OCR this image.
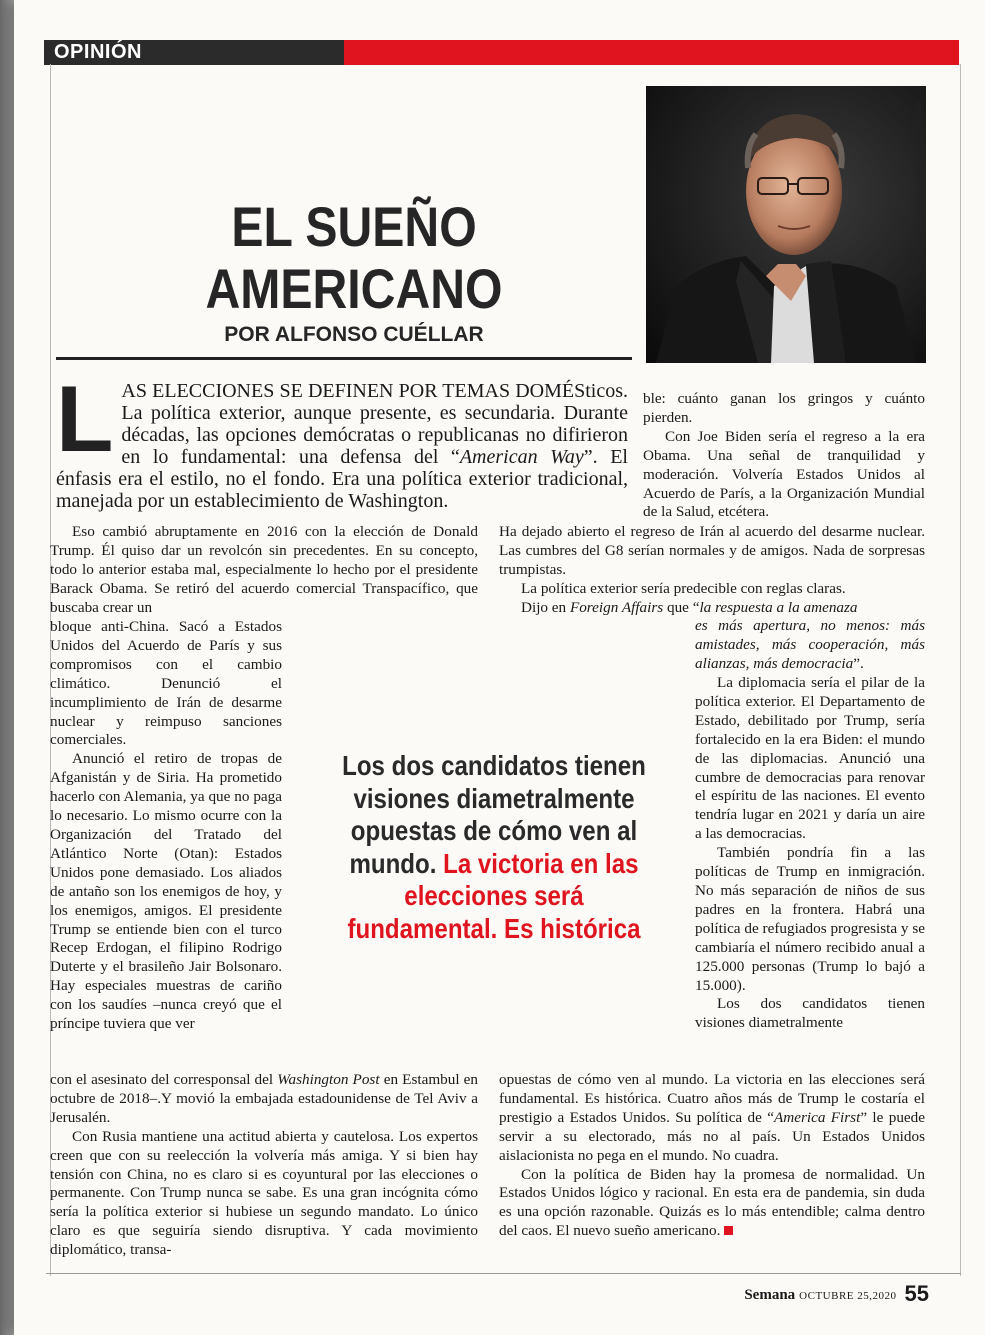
OPINIÓN
FOTO: GUILLERMO TORRES-SEMANA
EL SUEÑO
AMERICANO
POR ALFONSO CUÉLLAR
LAS ELECCIONES SE DEFINEN POR TEMAS DOMÉSticos. La política exterior, aunque presente, es secundaria. Durante décadas, las opciones demócratas o republicanas no difirieron en lo fundamental: una defensa del “American Way”. El énfasis era el estilo, no el fondo. Era una política exterior tradicional, manejada por un establecimiento de Washington.

ble: cuánto ganan los gringos y cuánto pierden.

Con Joe Biden sería el regreso a la era Obama. Una señal de tranquilidad y moderación. Volvería Estados Unidos al Acuerdo de París, a la Organización Mundial de la Salud, etcétera.

Eso cambió abruptamente en 2016 con la elección de Donald Trump. Él quiso dar un revolcón sin precedentes. En su concepto, todo lo anterior estaba mal, especialmente lo hecho por el presidente Barack Obama. Se retiró del acuerdo comercial Transpacífico, que buscaba crear un

bloque anti-China. Sacó a Estados Unidos del Acuerdo de París y sus compromisos con el cambio climático. Denunció el incumplimiento de Irán de desarme nuclear y reimpuso sanciones comerciales.

Anunció el retiro de tropas de Afganistán y de Siria. Ha prometido hacerlo con Alemania, ya que no paga lo necesario. Lo mismo ocurre con la Organización del Tratado del Atlántico Norte (Otan): Estados Unidos pone demasiado. Los aliados de antaño son los enemigos de hoy, y los enemigos, amigos. El presidente Trump se entiende bien con el turco Recep Erdogan, el filipino Rodrigo Duterte y el brasileño Jair Bolsonaro. Hay especiales muestras de cariño con los saudíes –nunca creyó que el príncipe tuviera que ver

con el asesinato del corresponsal del Washington Post en Estambul en octubre de 2018–.Y movió la embajada estadounidense de Tel Aviv a Jerusalén.

Con Rusia mantiene una actitud abierta y cautelosa. Los expertos creen que con su reelección la volvería más amiga. Y si bien hay tensión con China, no es claro si es coyuntural por las elecciones o permanente. Con Trump nunca se sabe. Es una gran incógnita cómo sería la política exterior si hubiese un segundo mandato. Lo único claro es que seguiría siendo disruptiva. Y cada movimiento diplomático, transa-

Ha dejado abierto el regreso de Irán al acuerdo del desarme nuclear. Las cumbres del G8 serían normales y de amigos. Nada de sorpresas trumpistas.

La política exterior sería predecible con reglas claras.

Dijo en Foreign Affairs que “la respuesta a la amenaza

es más apertura, no menos: más amistades, más cooperación, más alianzas, más democracia”.

La diplomacia sería el pilar de la política exterior. El Departamento de Estado, debilitado por Trump, sería fortalecido en la era Biden: el mundo de las diplomacias. Anunció una cumbre de democracias para renovar el espíritu de las naciones. El evento tendría lugar en 2021 y daría un aire a las democracias.

También pondría fin a las políticas de Trump en inmigración. No más separación de niños de sus padres en la frontera. Habrá una política de refugiados progresista y se cambiaría el número recibido anual a 125.000 personas (Trump lo bajó a 15.000).

Los dos candidatos tienen visiones diametralmente

opuestas de cómo ven al mundo. La victoria en las elecciones será fundamental. Es histórica. Cuatro años más de Trump le costaría el prestigio a Estados Unidos. Su política de “America First” le puede servir a su electorado, más no al país. Un Estados Unidos aislacionista no pega en el mundo. No cuadra.

Con la política de Biden hay la promesa de normalidad. Un Estados Unidos lógico y racional. En esta era de pandemia, sin duda es una opción razonable. Quizás es lo más entendible; calma dentro del caos. El nuevo sueño americano.

Los dos candidatos tienen visiones diametralmente opuestas de cómo ven al mundo. La victoria en las elecciones será fundamental. Es histórica
Semana OCTUBRE 25,2020 55
